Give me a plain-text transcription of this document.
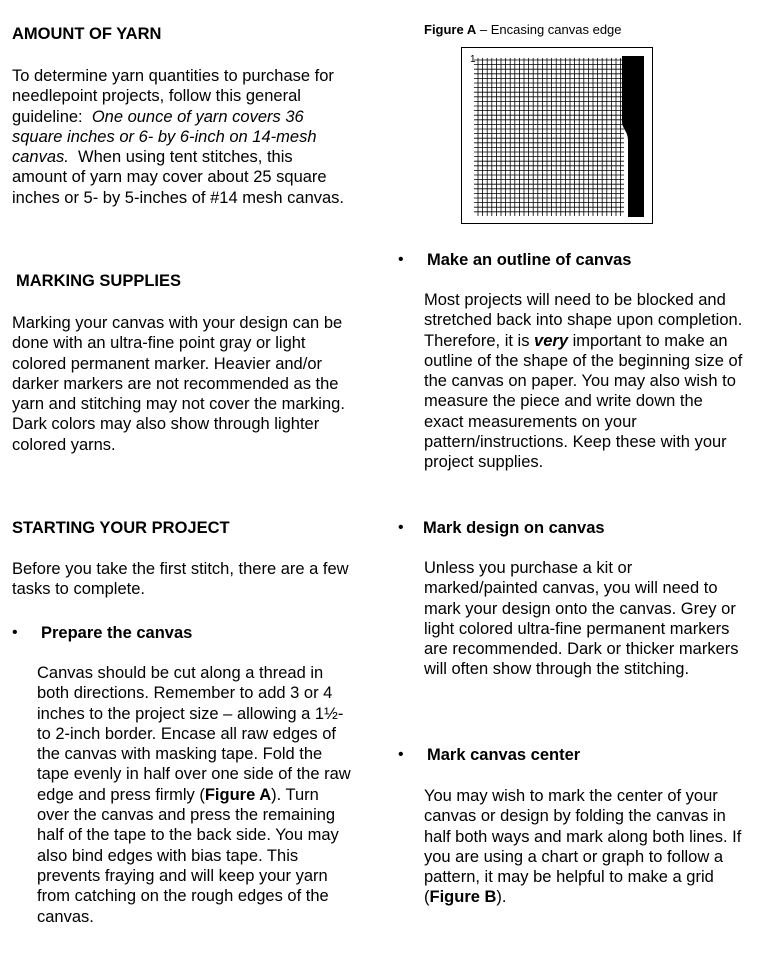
AMOUNT OF YARN

To determine yarn quantities to purchase for needlepoint projects, follow this general guideline: One ounce of yarn covers 36 square inches or 6- by 6-inch on 14-mesh canvas. When using tent stitches, this amount of yarn may cover about 25 square inches or 5- by 5-inches of #14 mesh canvas.

MARKING SUPPLIES

Marking your canvas with your design can be done with an ultra-fine point gray or light colored permanent marker. Heavier and/or darker markers are not recommended as the yarn and stitching may not cover the marking. Dark colors may also show through lighter colored yarns.

STARTING YOUR PROJECT

Before you take the first stitch, there are a few tasks to complete.

• Prepare the canvas

Canvas should be cut along a thread in both directions. Remember to add 3 or 4 inches to the project size – allowing a 1½- to 2-inch border. Encase all raw edges of the canvas with masking tape. Fold the tape evenly in half over one side of the raw edge and press firmly (Figure A). Turn over the canvas and press the remaining half of the tape to the back side. You may also bind edges with bias tape. This prevents fraying and will keep your yarn from catching on the rough edges of the canvas.

Figure A – Encasing canvas edge
1
• Make an outline of canvas

Most projects will need to be blocked and stretched back into shape upon completion. Therefore, it is very important to make an outline of the shape of the beginning size of the canvas on paper. You may also wish to measure the piece and write down the exact measurements on your pattern/instructions. Keep these with your project supplies.

• Mark design on canvas

Unless you purchase a kit or marked/painted canvas, you will need to mark your design onto the canvas. Grey or light colored ultra-fine permanent markers are recommended. Dark or thicker markers will often show through the stitching.

• Mark canvas center

You may wish to mark the center of your canvas or design by folding the canvas in half both ways and mark along both lines. If you are using a chart or graph to follow a pattern, it may be helpful to make a grid (Figure B).
